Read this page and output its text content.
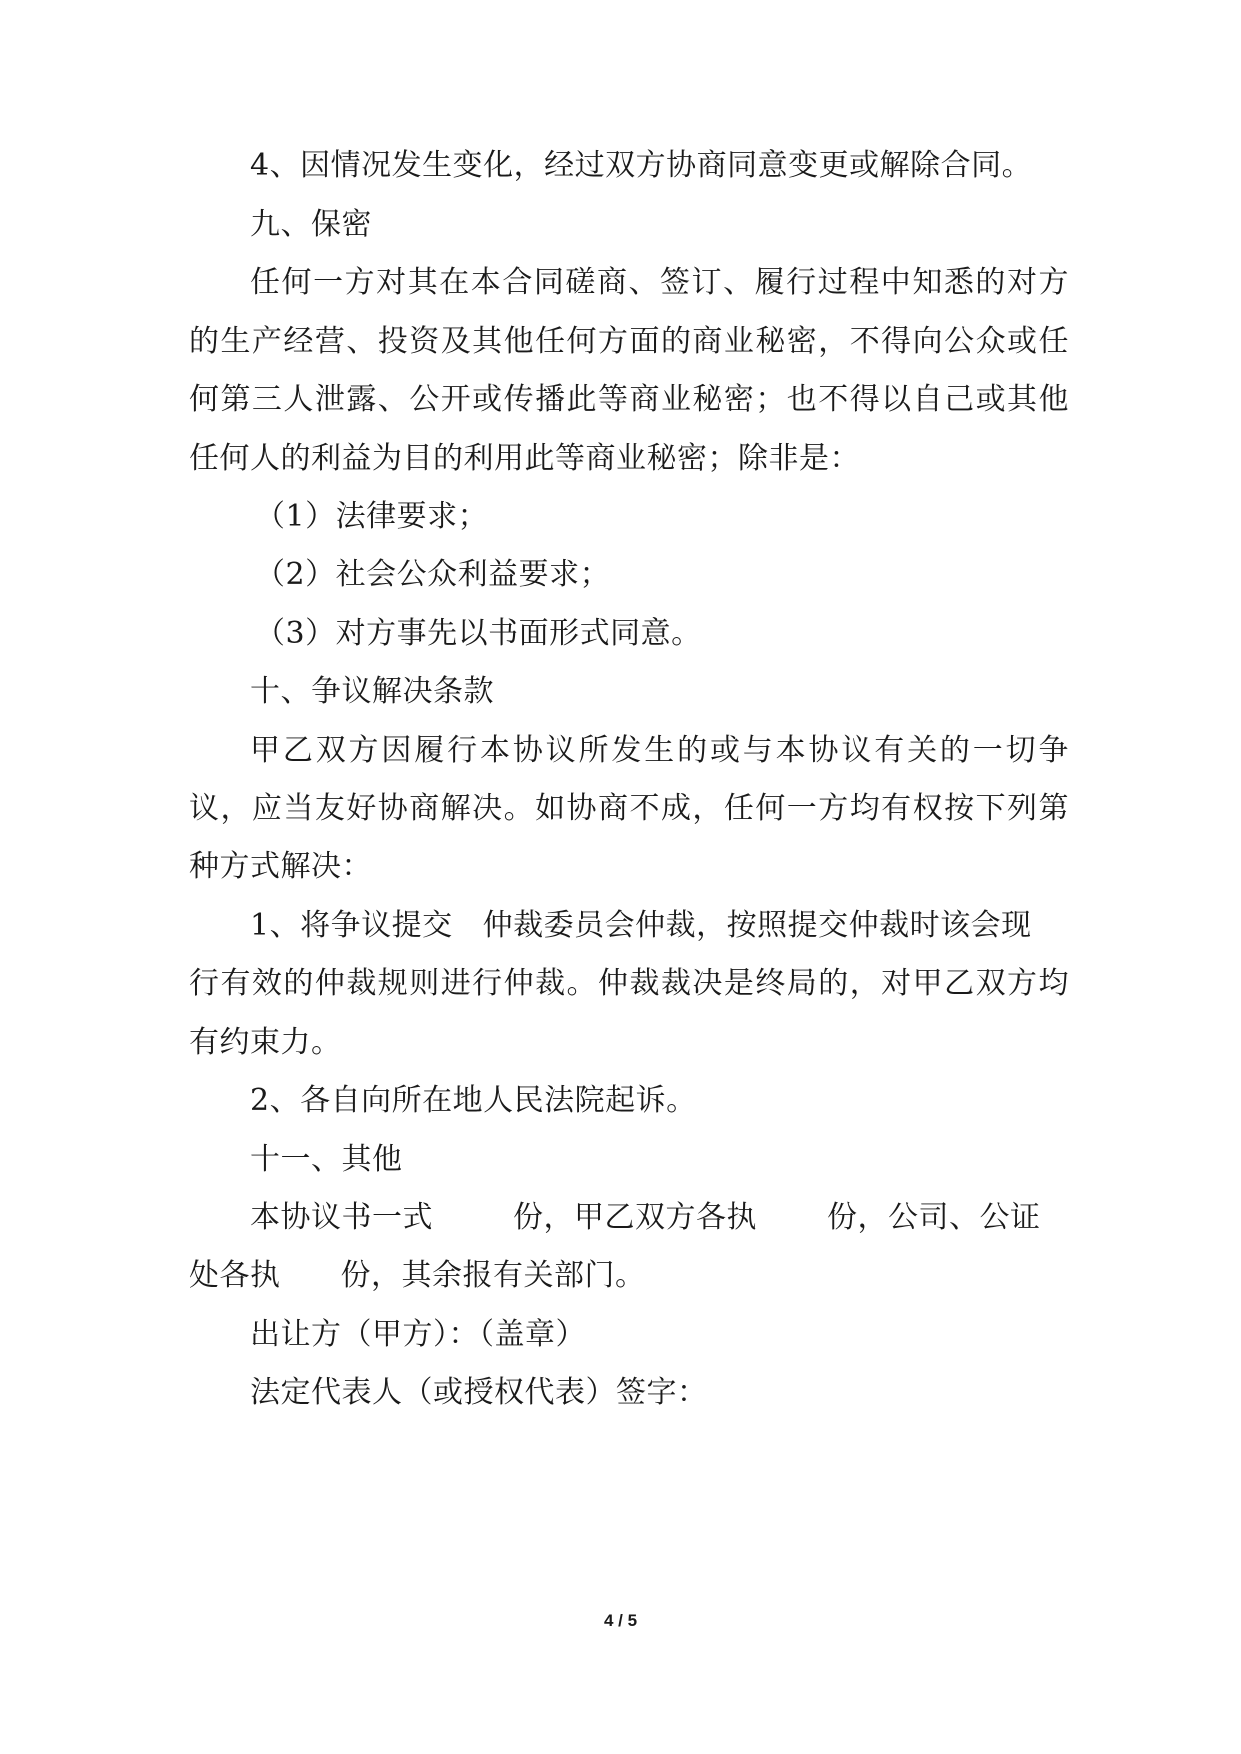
4、因情况发生变化，经过双方协商同意变更或解除合同。
九、保密
任何一方对其在本合同磋商、签订、履行过程中知悉的对方
的生产经营、投资及其他任何方面的商业秘密，不得向公众或任
何第三人泄露、公开或传播此等商业秘密；也不得以自己或其他
任何人的利益为目的利用此等商业秘密；除非是：
（1）法律要求；
（2）社会公众利益要求；
（3）对方事先以书面形式同意。
十、争议解决条款
甲乙双方因履行本协议所发生的或与本协议有关的一切争
议，应当友好协商解决。如协商不成，任何一方均有权按下列第
种方式解决：
1、将争议提交 仲裁委员会仲裁，按照提交仲裁时该会现
行有效的仲裁规则进行仲裁。仲裁裁决是终局的，对甲乙双方均
有约束力。
2、各自向所在地人民法院起诉。
十一、其他
本协议书一式	份，甲乙双方各执 份，公司、公证
处各执 份，其余报有关部门。
出让方（甲方）：（盖章）
法定代表人（或授权代表）签字：
4 / 5
